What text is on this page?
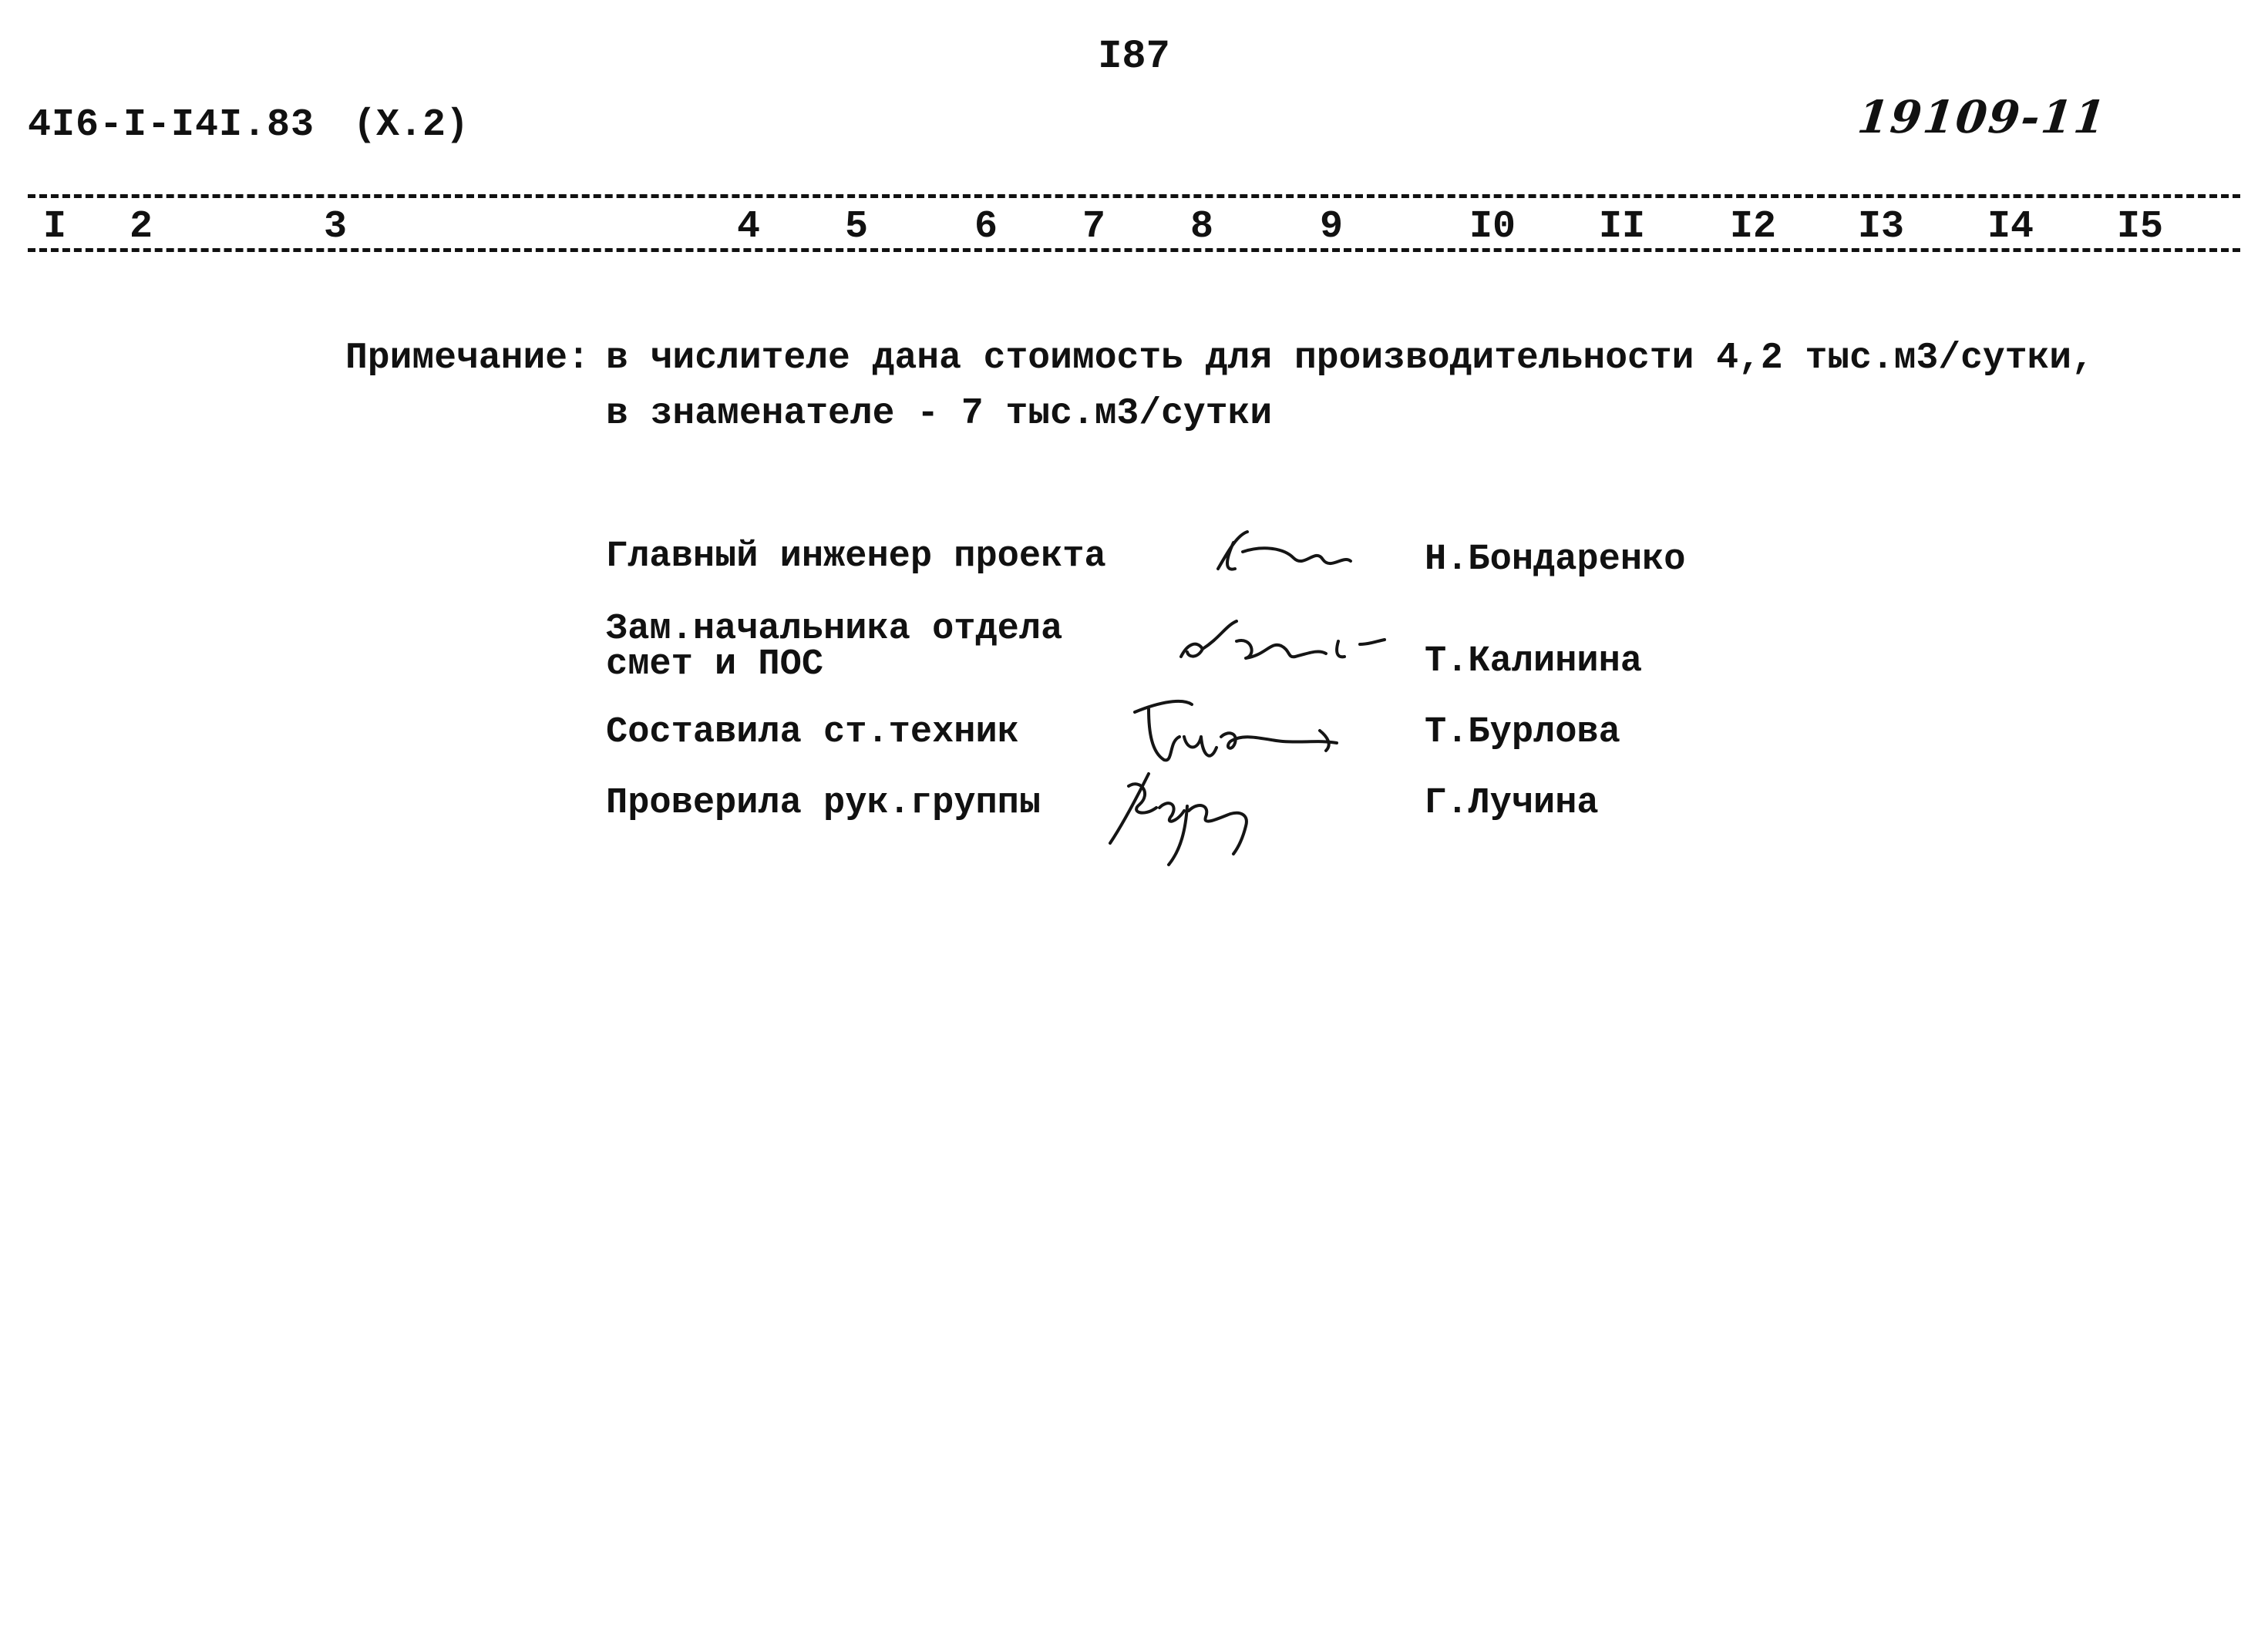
I87
4I6-I-I4I.83 (X.2)	19109-11
I 2	3	4 5	6 7 8	9	I0 II I2 I3 I4 I5
Примечание: в числителе дана стоимость для производительности 4,2 тыс.м3/сутки,
в знаменателе - 7 тыс.м3/сутки
Главный инженер проекта	Н.Бондаренко
Зам.начальника отдела
смет и ПОС	Т.Калинина
Составила ст.техник	Т.Бурлова
Проверила рук.группы	Г.Лучина
